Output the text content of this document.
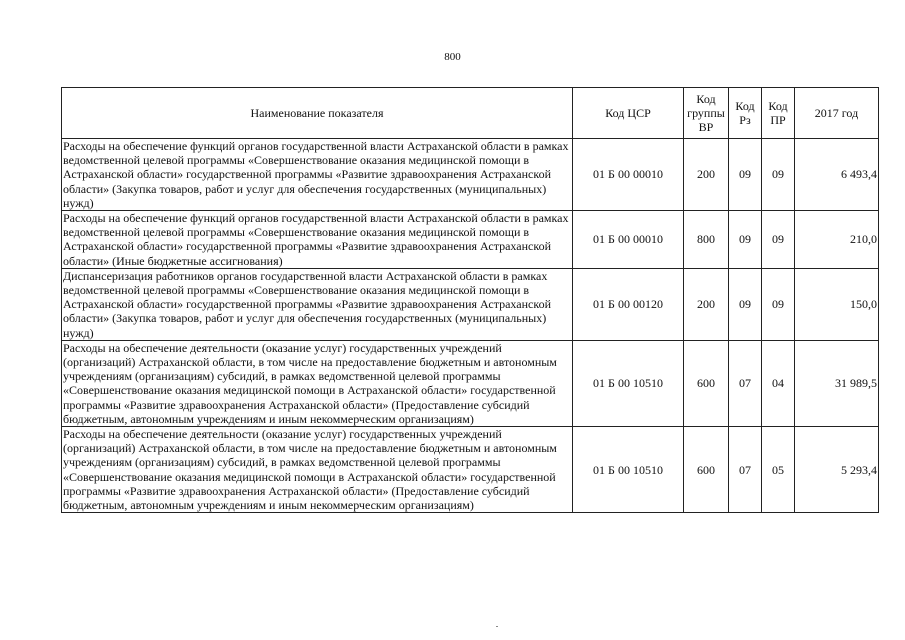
800
Наименование показателя	Код ЦСР	Код
группы
ВР	Код
Рз	Код
ПР	2017 год
Расходы на обеспечение функций органов государственной власти Астраханской области в рамках ведомственной целевой программы «Совершенствование оказания медицинской помощи в Астраханской области» государственной программы «Развитие здравоохранения Астраханской области» (Закупка товаров, работ и услуг для обеспечения государственных (муниципальных) нужд)	01 Б 00 00010	200	09	09	6 493,4
Расходы на обеспечение функций органов государственной власти Астраханской области в рамках ведомственной целевой программы «Совершенствование оказания медицинской помощи в Астраханской области» государственной программы «Развитие здравоохранения Астраханской области» (Иные бюджетные ассигнования)	01 Б 00 00010	800	09	09	210,0
Диспансеризация работников органов государственной власти Астраханской области в рамках ведомственной целевой программы «Совершенствование оказания медицинской помощи в Астраханской области» государственной программы «Развитие здравоохранения Астраханской области» (Закупка товаров, работ и услуг для обеспечения государственных (муниципальных) нужд)	01 Б 00 00120	200	09	09	150,0
Расходы на обеспечение деятельности (оказание услуг) государственных учреждений (организаций) Астраханской области, в том числе на предоставление бюджетным и автономным учреждениям (организациям) субсидий, в рамках ведомственной целевой программы «Совершенствование оказания медицинской помощи в Астраханской области» государственной программы «Развитие здравоохранения Астраханской области» (Предоставление субсидий бюджетным, автономным учреждениям и иным некоммерческим организациям)	01 Б 00 10510	600	07	04	31 989,5
Расходы на обеспечение деятельности (оказание услуг) государственных учреждений (организаций) Астраханской области, в том числе на предоставление бюджетным и автономным учреждениям (организациям) субсидий, в рамках ведомственной целевой программы «Совершенствование оказания медицинской помощи в Астраханской области» государственной программы «Развитие здравоохранения Астраханской области» (Предоставление субсидий бюджетным, автономным учреждениям и иным некоммерческим организациям)	01 Б 00 10510	600	07	05	5 293,4
